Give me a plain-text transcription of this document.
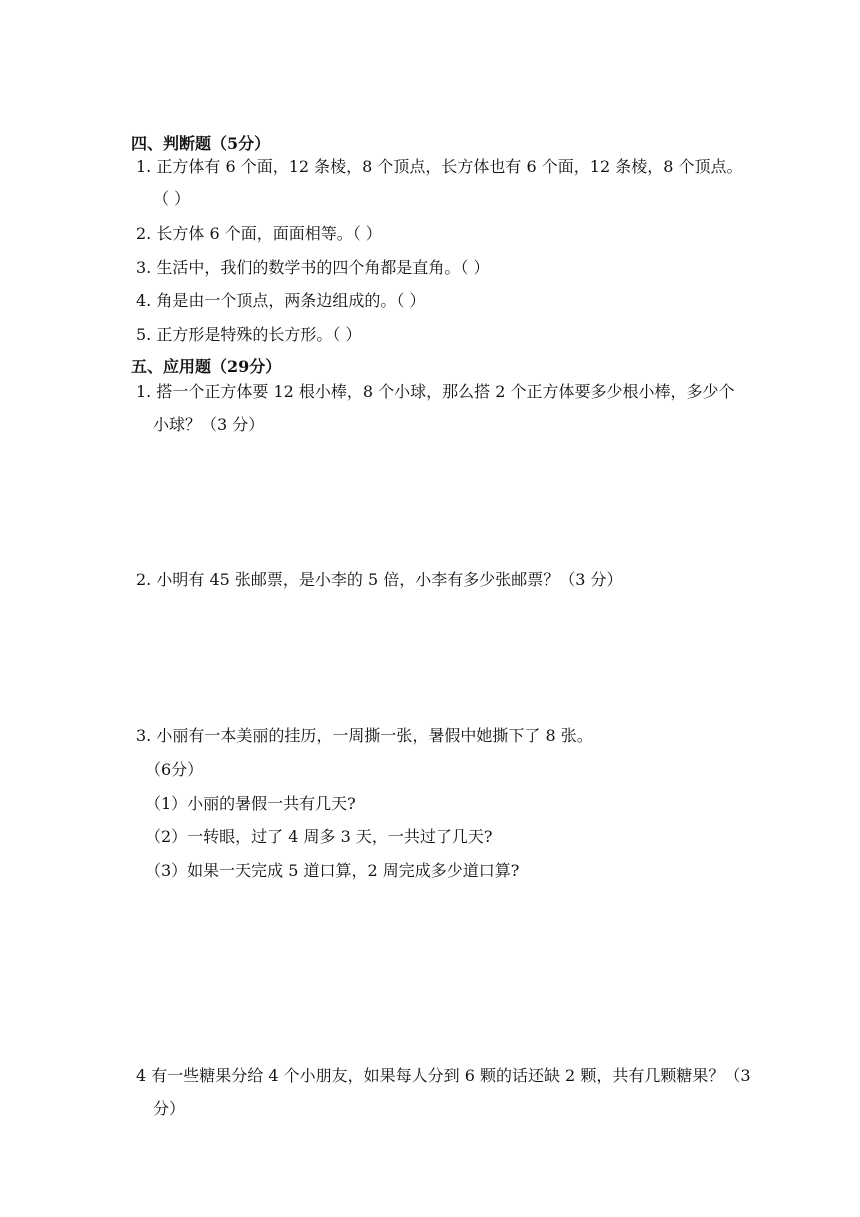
四、判断题（5分）
1. 正方体有 6 个面，12 条棱，8 个顶点，长方体也有 6 个面，12 条棱，8 个顶点。
（ ）
2. 长方体 6 个面，面面相等。（ ）
3. 生活中，我们的数学书的四个角都是直角。（ ）
4. 角是由一个顶点，两条边组成的。（ ）
5. 正方形是特殊的长方形。（ ）
五、应用题（29分）
1. 搭一个正方体要 12 根小棒，8 个小球，那么搭 2 个正方体要多少根小棒，多少个
小球？（3 分）
2. 小明有 45 张邮票，是小李的 5 倍，小李有多少张邮票？（3 分）
3. 小丽有一本美丽的挂历，一周撕一张，暑假中她撕下了 8 张。
（6分）
（1）小丽的暑假一共有几天?
（2）一转眼，过了 4 周多 3 天，一共过了几天?
（3）如果一天完成 5 道口算，2 周完成多少道口算?
4 有一些糖果分给 4 个小朋友，如果每人分到 6 颗的话还缺 2 颗，共有几颗糖果？（3
分）
